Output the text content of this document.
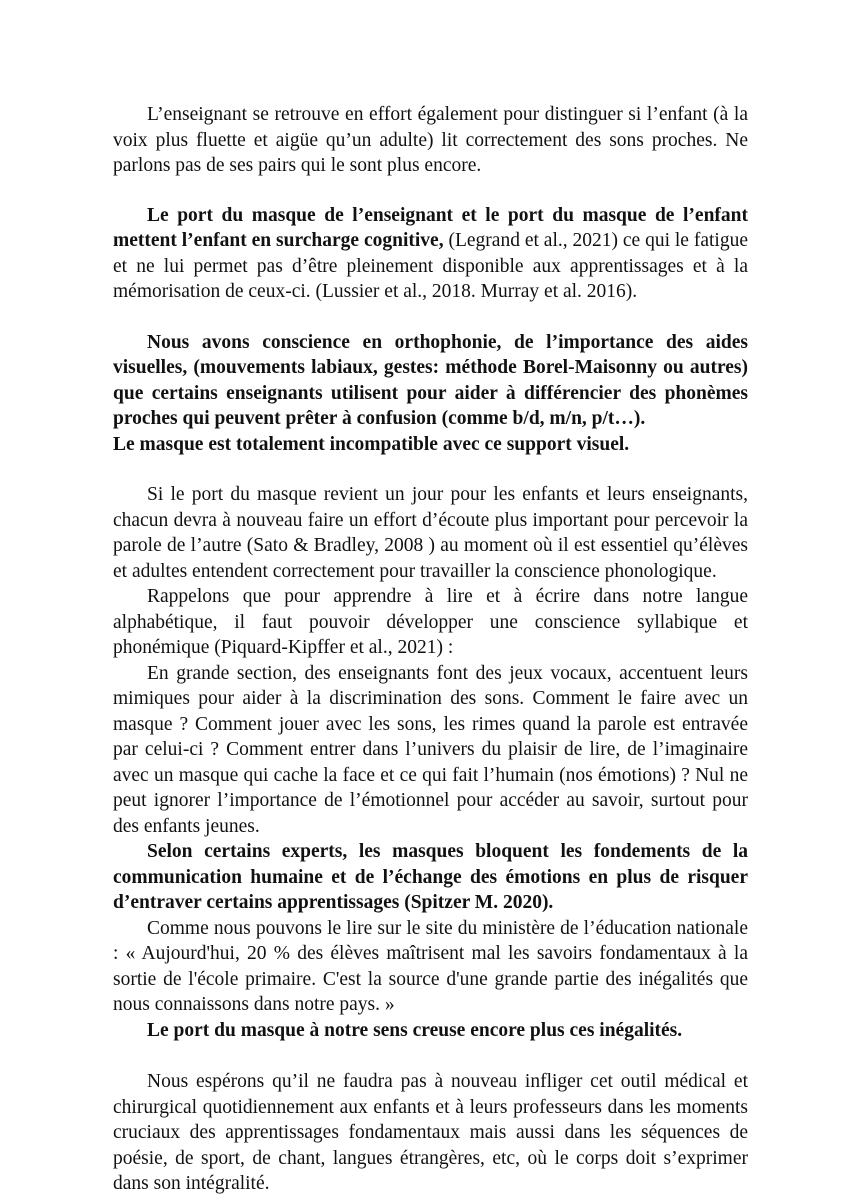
L’enseignant se retrouve en effort également pour distinguer si l’enfant (à la voix plus fluette et aigüe qu’un adulte) lit correctement des sons proches. Ne parlons pas de ses pairs qui le sont plus encore.

Le port du masque de l’enseignant et le port du masque de l’enfant mettent l’enfant en surcharge cognitive, (Legrand et al., 2021) ce qui le fatigue et ne lui permet pas d’être pleinement disponible aux apprentissages et à la mémorisation de ceux-ci. (Lussier et al., 2018. Murray et al. 2016).

Nous avons conscience en orthophonie, de l’importance des aides visuelles, (mouvements labiaux, gestes: méthode Borel-Maisonny ou autres) que certains enseignants utilisent pour aider à différencier des phonèmes proches qui peuvent prêter à confusion (comme b/d, m/n, p/t…).

Le masque est totalement incompatible avec ce support visuel.

Si le port du masque revient un jour pour les enfants et leurs enseignants, chacun devra à nouveau faire un effort d’écoute plus important pour percevoir la parole de l’autre (Sato & Bradley, 2008 ) au moment où il est essentiel qu’élèves et adultes entendent correctement pour travailler la conscience phonologique.

Rappelons que pour apprendre à lire et à écrire dans notre langue alphabétique, il faut pouvoir développer une conscience syllabique et phonémique (Piquard-Kipffer et al., 2021) :

En grande section, des enseignants font des jeux vocaux, accentuent leurs mimiques pour aider à la discrimination des sons. Comment le faire avec un masque ? Comment jouer avec les sons, les rimes quand la parole est entravée par celui-ci ? Comment entrer dans l’univers du plaisir de lire, de l’imaginaire avec un masque qui cache la face et ce qui fait l’humain (nos émotions) ? Nul ne peut ignorer l’importance de l’émotionnel pour accéder au savoir, surtout pour des enfants jeunes.

Selon certains experts, les masques bloquent les fondements de la communication humaine et de l’échange des émotions en plus de risquer d’entraver certains apprentissages (Spitzer M. 2020).

Comme nous pouvons le lire sur le site du ministère de l’éducation nationale : « Aujourd'hui, 20 % des élèves maîtrisent mal les savoirs fondamentaux à la sortie de l'école primaire. C'est la source d'une grande partie des inégalités que nous connaissons dans notre pays. »

Le port du masque à notre sens creuse encore plus ces inégalités.

Nous espérons qu’il ne faudra pas à nouveau infliger cet outil médical et chirurgical quotidiennement aux enfants et à leurs professeurs dans les moments cruciaux des apprentissages fondamentaux mais aussi dans les séquences de poésie, de sport, de chant, langues étrangères, etc, où le corps doit s’exprimer dans son intégralité.
